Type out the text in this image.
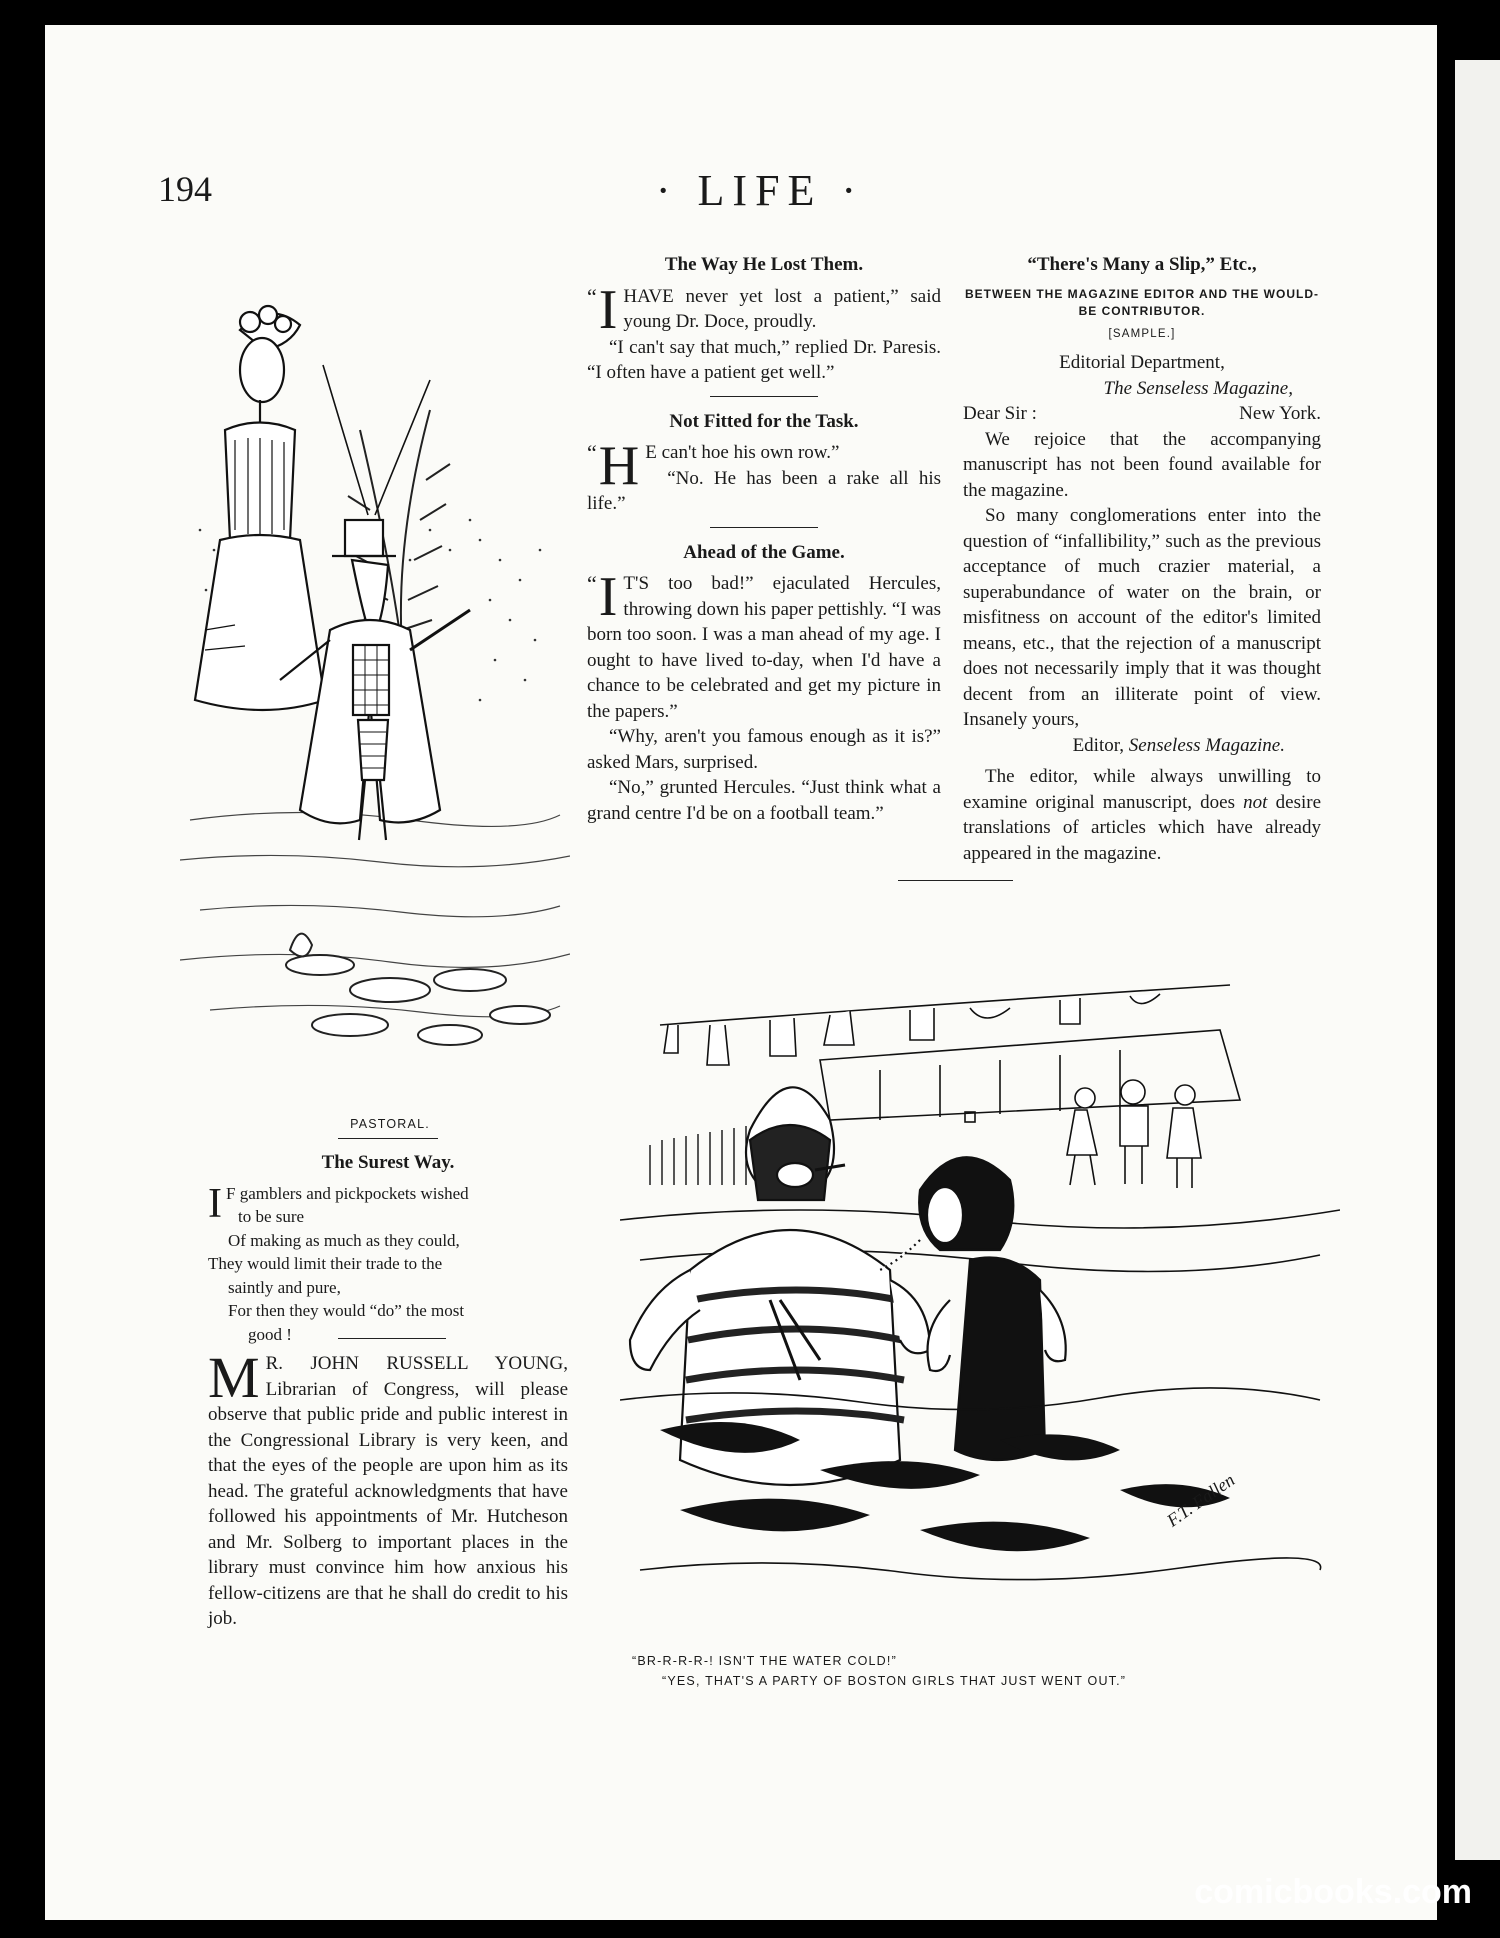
194	· LIFE ·
PASTORAL.
The Surest Way.
I F gamblers and pickpockets wished

to be sure

Of making as much as they could,

They would limit their trade to the

saintly and pure,

For then they would “do” the most

good !

M R. JOHN RUSSELL YOUNG, Librarian of Congress, will please observe that public pride and public interest in the Congressional Library is very keen, and that the eyes of the people are upon him as its head. The grateful acknowledgments that have followed his appointments of Mr. Hutcheson and Mr. Solberg to important places in the library must convince him how anxious his fellow-citizens are that he shall do credit to his job.
The Way He Lost Them.

“ I HAVE never yet lost a patient,” said young Dr. Doce, proudly.

“I can't say that much,” replied Dr. Paresis. “I often have a patient get well.”

Not Fitted for the Task.

“ H E can't hoe his own row.”
“No. He has been a rake all his life.”

Ahead of the Game.

“ I T'S too bad!” ejaculated Hercules, throwing down his paper pettishly. “I was born too soon. I was a man ahead of my age. I ought to have lived to-day, when I'd have a chance to be celebrated and get my picture in the papers.”

“Why, aren't you famous enough as it is?” asked Mars, surprised.

“No,” grunted Hercules. “Just think what a grand centre I'd be on a football team.”

“There's Many a Slip,” Etc.,
BETWEEN THE MAGAZINE EDITOR AND THE WOULD-BE CONTRIBUTOR.
[SAMPLE.]

Editorial Department,

The Senseless Magazine,

Dear Sir :	New York.

We rejoice that the accompanying manuscript has not been found available for the magazine.

So many conglomerations enter into the question of “infallibility,” such as the previous acceptance of much crazier material, a superabundance of water on the brain, or misfitness on account of the editor's limited means, etc., that the rejection of a manuscript does not necessarily imply that it was thought decent from an illiterate point of view. Insanely yours,

Editor, Senseless Magazine.

The editor, while always unwilling to examine original manuscript, does not desire translations of articles which have already appeared in the magazine.

F.T. Fallen
“BR-R-R-R-! ISN'T THE WATER COLD!”
“YES, THAT'S A PARTY OF BOSTON GIRLS THAT JUST WENT OUT.”
comicbooks.com
